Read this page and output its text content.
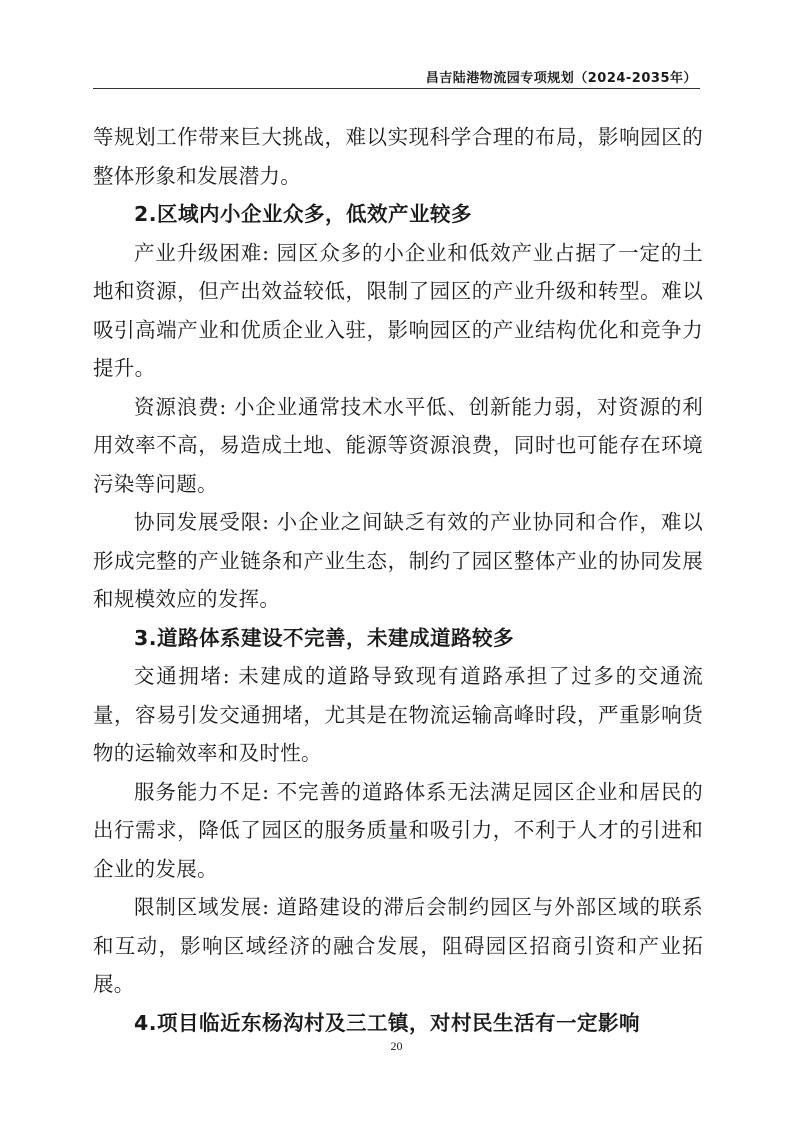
昌吉陆港物流园专项规划（2024-2035年）

等规划工作带来巨大挑战，难以实现科学合理的布局，影响园区的整体形象和发展潜力。

2.区域内小企业众多，低效产业较多

产业升级困难: 园区众多的小企业和低效产业占据了一定的土地和资源，但产出效益较低，限制了园区的产业升级和转型。难以吸引高端产业和优质企业入驻，影响园区的产业结构优化和竞争力提升。

资源浪费: 小企业通常技术水平低、创新能力弱，对资源的利用效率不高，易造成土地、能源等资源浪费，同时也可能存在环境污染等问题。

协同发展受限: 小企业之间缺乏有效的产业协同和合作，难以形成完整的产业链条和产业生态，制约了园区整体产业的协同发展和规模效应的发挥。

3.道路体系建设不完善，未建成道路较多

交通拥堵: 未建成的道路导致现有道路承担了过多的交通流量，容易引发交通拥堵，尤其是在物流运输高峰时段，严重影响货物的运输效率和及时性。

服务能力不足: 不完善的道路体系无法满足园区企业和居民的出行需求，降低了园区的服务质量和吸引力，不利于人才的引进和企业的发展。

限制区域发展: 道路建设的滞后会制约园区与外部区域的联系和互动，影响区域经济的融合发展，阻碍园区招商引资和产业拓展。

4.项目临近东杨沟村及三工镇，对村民生活有一定影响

20
